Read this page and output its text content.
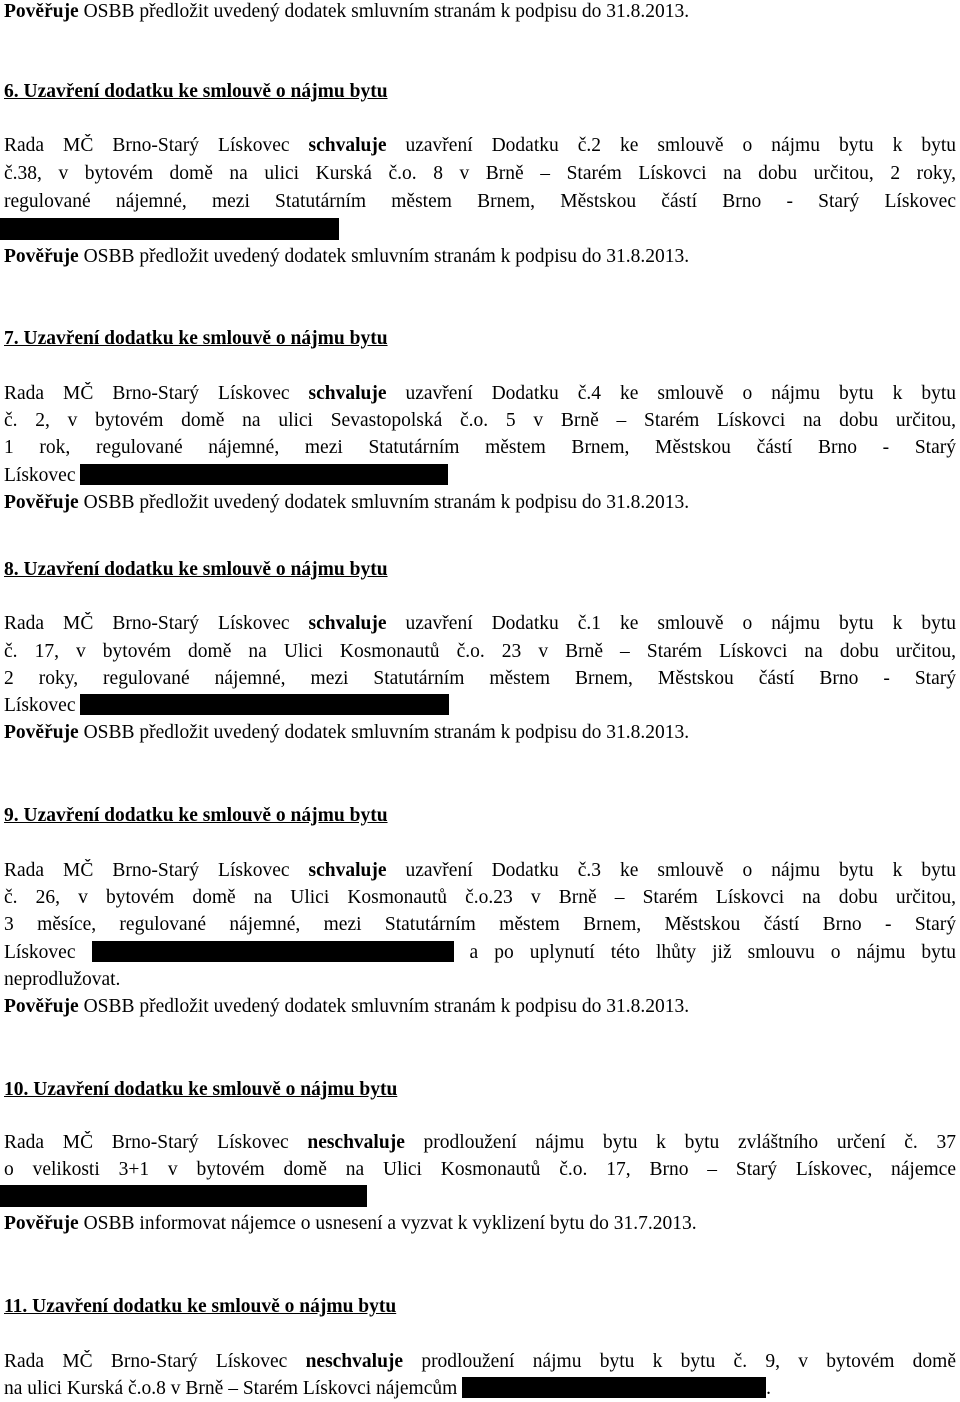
Pověřuje OSBB předložit uvedený dodatek smluvním stranám k podpisu do 31.8.2013.
6. Uzavření dodatku ke smlouvě o nájmu bytu
Rada MČ Brno-Starý Lískovec schvaluje uzavření Dodatku č.2 ke smlouvě o nájmu bytu k bytu
č.38, v bytovém domě na ulici Kurská č.o. 8 v Brně – Starém Lískovci na dobu určitou, 2 roky,
regulované nájemné, mezi Statutárním městem Brnem, Městskou částí Brno - Starý Lískovec
Pověřuje OSBB předložit uvedený dodatek smluvním stranám k podpisu do 31.8.2013.
7. Uzavření dodatku ke smlouvě o nájmu bytu
Rada MČ Brno-Starý Lískovec schvaluje uzavření Dodatku č.4 ke smlouvě o nájmu bytu k bytu
č. 2, v bytovém domě na ulici Sevastopolská č.o. 5 v Brně – Starém Lískovci na dobu určitou,
1 rok, regulované nájemné, mezi Statutárním městem Brnem, Městskou částí Brno - Starý
Lískovec
Pověřuje OSBB předložit uvedený dodatek smluvním stranám k podpisu do 31.8.2013.
8. Uzavření dodatku ke smlouvě o nájmu bytu
Rada MČ Brno-Starý Lískovec schvaluje uzavření Dodatku č.1 ke smlouvě o nájmu bytu k bytu
č. 17, v bytovém domě na Ulici Kosmonautů č.o. 23 v Brně – Starém Lískovci na dobu určitou,
2 roky, regulované nájemné, mezi Statutárním městem Brnem, Městskou částí Brno - Starý
Lískovec
Pověřuje OSBB předložit uvedený dodatek smluvním stranám k podpisu do 31.8.2013.
9. Uzavření dodatku ke smlouvě o nájmu bytu
Rada MČ Brno-Starý Lískovec schvaluje uzavření Dodatku č.3 ke smlouvě o nájmu bytu k bytu
č. 26, v bytovém domě na Ulici Kosmonautů č.o.23 v Brně – Starém Lískovci na dobu určitou,
3 měsíce, regulované nájemné, mezi Statutárním městem Brnem, Městskou částí Brno - Starý
Lískovec	a po uplynutí této lhůty již smlouvu o nájmu bytu
neprodlužovat.
Pověřuje OSBB předložit uvedený dodatek smluvním stranám k podpisu do 31.8.2013.
10. Uzavření dodatku ke smlouvě o nájmu bytu
Rada MČ Brno-Starý Lískovec neschvaluje prodloužení nájmu bytu k bytu zvláštního určení č. 37
o velikosti 3+1 v bytovém domě na Ulici Kosmonautů č.o. 17, Brno – Starý Lískovec, nájemce
Pověřuje OSBB informovat nájemce o usnesení a vyzvat k vyklizení bytu do 31.7.2013.
11. Uzavření dodatku ke smlouvě o nájmu bytu
Rada MČ Brno-Starý Lískovec neschvaluje prodloužení nájmu bytu k bytu č. 9, v bytovém domě
na ulici Kurská č.o.8 v Brně – Starém Lískovci nájemcům	.
